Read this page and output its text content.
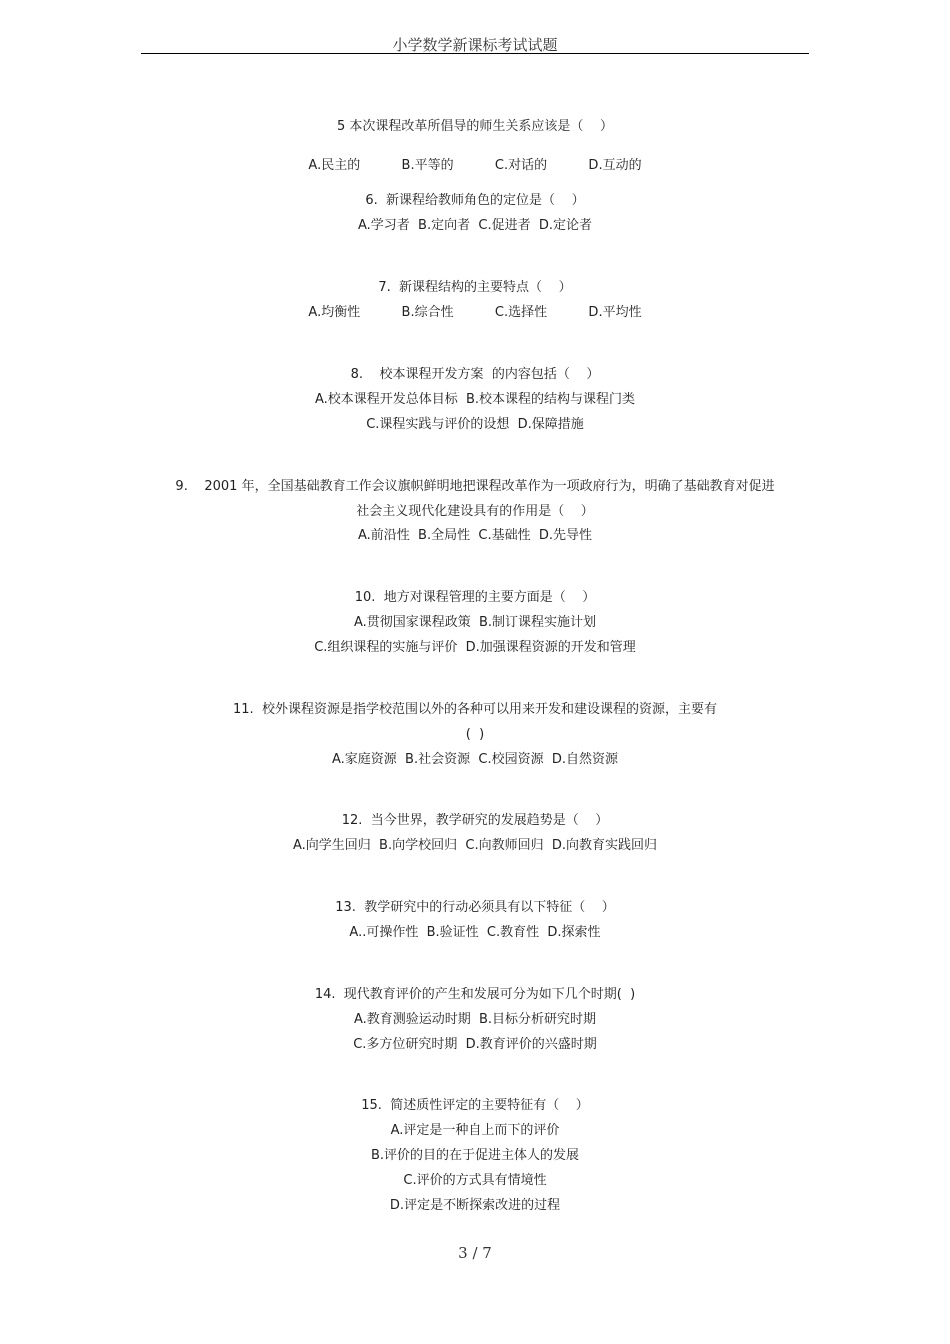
小学数学新课标考试试题
5 本次课程改革所倡导的师生关系应该是（    ）
A.民主的          B.平等的          C.对话的          D.互动的
6.  新课程给教师角色的定位是（    ）
A.学习者  B.定向者  C.促进者  D.定论者
7.  新课程结构的主要特点（    ）
A.均衡性          B.综合性          C.选择性          D.平均性
8.    校本课程开发方案  的内容包括（    ）
A.校本课程开发总体目标  B.校本课程的结构与课程门类
C.课程实践与评价的设想  D.保障措施
9.    2001 年，全国基础教育工作会议旗帜鲜明地把课程改革作为一项政府行为，明确了基础教育对促进
社会主义现代化建设具有的作用是（    ）
A.前沿性  B.全局性  C.基础性  D.先导性
10.  地方对课程管理的主要方面是（    ）
A.贯彻国家课程政策  B.制订课程实施计划
C.组织课程的实施与评价  D.加强课程资源的开发和管理
11.  校外课程资源是指学校范围以外的各种可以用来开发和建设课程的资源，主要有
(  )
A.家庭资源  B.社会资源  C.校园资源  D.自然资源
12.  当今世界，教学研究的发展趋势是（    ）
A.向学生回归  B.向学校回归  C.向教师回归  D.向教育实践回归
13.  教学研究中的行动必须具有以下特征（    ）
A..可操作性  B.验证性  C.教育性  D.探索性
14.  现代教育评价的产生和发展可分为如下几个时期(  )
A.教育测验运动时期  B.目标分析研究时期
C.多方位研究时期  D.教育评价的兴盛时期
15.  简述质性评定的主要特征有（    ）
A.评定是一种自上而下的评价
B.评价的目的在于促进主体人的发展
C.评价的方式具有情境性
D.评定是不断探索改进的过程
3 / 7
